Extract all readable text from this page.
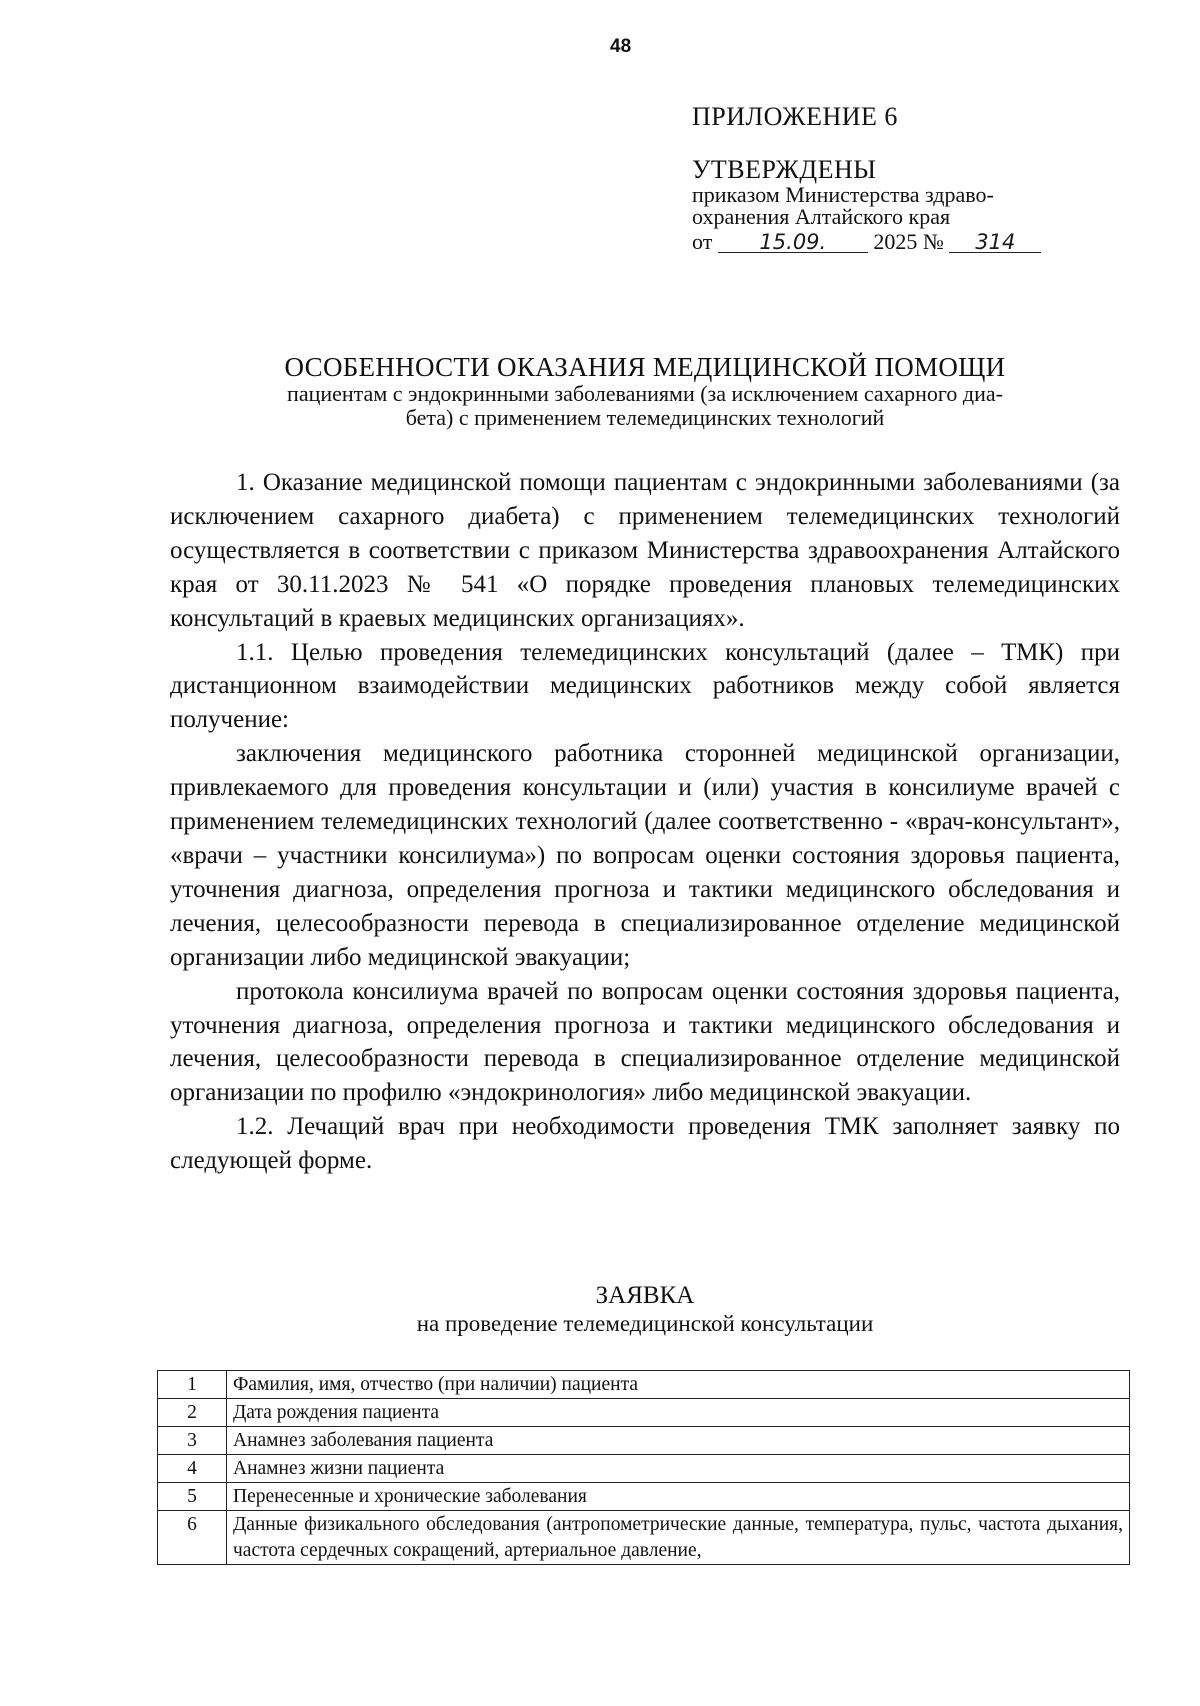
48
ПРИЛОЖЕНИЕ 6
УТВЕРЖДЕНЫ
приказом Министерства здраво-
охранения Алтайского края
от 15.09. 2025 № 314
ОСОБЕННОСТИ ОКАЗАНИЯ МЕДИЦИНСКОЙ ПОМОЩИ
пациентам с эндокринными заболеваниями (за исключением сахарного диа-
бета) с применением телемедицинских технологий

1. Оказание медицинской помощи пациентам с эндокринными заболеваниями (за исключением сахарного диабета) с применением телемедицинских технологий осуществляется в соответствии с приказом Министерства здравоохранения Алтайского края от 30.11.2023 № 541 «О порядке проведения плановых телемедицинских консультаций в краевых медицинских организациях».

1.1. Целью проведения телемедицинских консультаций (далее – ТМК) при дистанционном взаимодействии медицинских работников между собой является получение:

заключения медицинского работника сторонней медицинской организации, привлекаемого для проведения консультации и (или) участия в консилиуме врачей с применением телемедицинских технологий (далее соответственно - «врач-консультант», «врачи – участники консилиума») по вопросам оценки состояния здоровья пациента, уточнения диагноза, определения прогноза и тактики медицинского обследования и лечения, целесообразности перевода в специализированное отделение медицинской организации либо медицинской эвакуации;

протокола консилиума врачей по вопросам оценки состояния здоровья пациента, уточнения диагноза, определения прогноза и тактики медицинского обследования и лечения, целесообразности перевода в специализированное отделение медицинской организации по профилю «эндокринология» либо медицинской эвакуации.

1.2. Лечащий врач при необходимости проведения ТМК заполняет заявку по следующей форме.

ЗАЯВКА
на проведение телемедицинской консультации
1	Фамилия, имя, отчество (при наличии) пациента
2	Дата рождения пациента
3	Анамнез заболевания пациента
4	Анамнез жизни пациента
5	Перенесенные и хронические заболевания
6	Данные физикального обследования (антропометрические данные, температура, пульс, частота дыхания, частота сердечных сокращений, артериальное давление,
